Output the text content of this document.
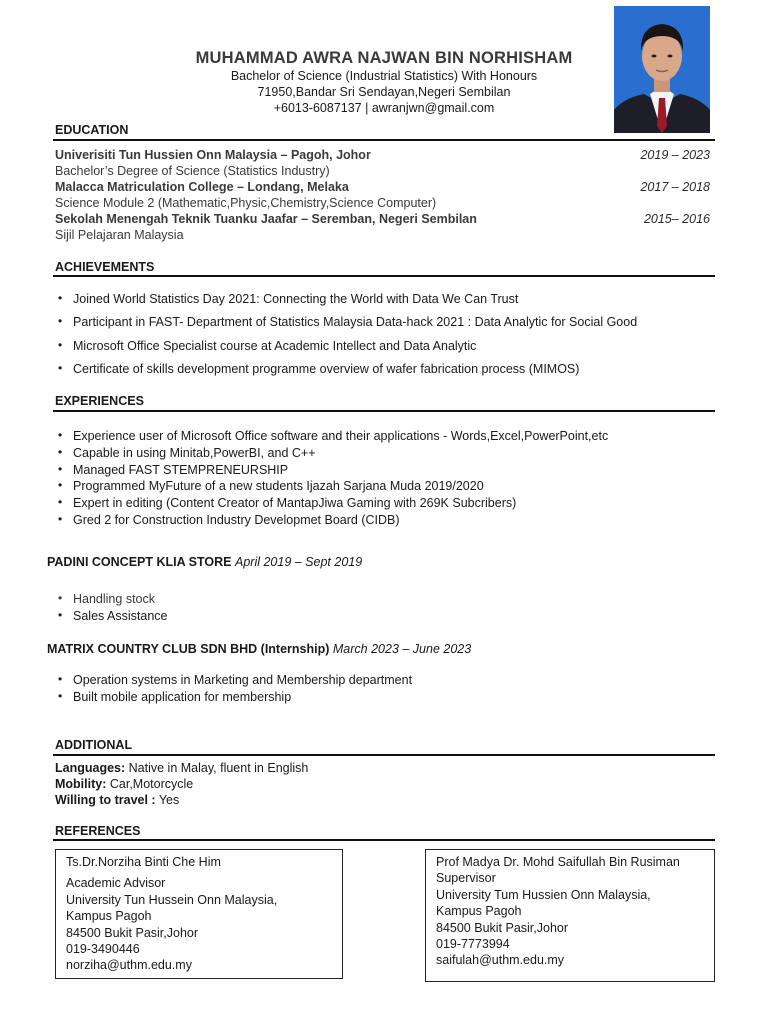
MUHAMMAD AWRA NAJWAN BIN NORHISHAM
Bachelor of Science (Industrial Statistics) With Honours
71950,Bandar Sri Sendayan,Negeri Sembilan
+6013-6087137 | awranjwn@gmail.com
EDUCATION
Univerisiti Tun Hussien Onn Malaysia – Pagoh, Johor	2019 – 2023
Bachelor’s Degree of Science (Statistics Industry)
Malacca Matriculation College – Londang, Melaka	2017 – 2018
Science Module 2 (Mathematic,Physic,Chemistry,Science Computer)
Sekolah Menengah Teknik Tuanku Jaafar – Seremban, Negeri Sembilan	2015– 2016
Sijil Pelajaran Malaysia
ACHIEVEMENTS
• Joined World Statistics Day 2021: Connecting the World with Data We Can Trust
• Participant in FAST- Department of Statistics Malaysia Data-hack 2021 : Data Analytic for Social Good
• Microsoft Office Specialist course at Academic Intellect and Data Analytic
• Certificate of skills development programme overview of wafer fabrication process (MIMOS)
EXPERIENCES
• Experience user of Microsoft Office software and their applications - Words,Excel,PowerPoint,etc
• Capable in using Minitab,PowerBI, and C++
• Managed FAST STEMPRENEURSHIP
• Programmed MyFuture of a new students Ijazah Sarjana Muda 2019/2020
• Expert in editing (Content Creator of MantapJiwa Gaming with 269K Subcribers)
• Gred 2 for Construction Industry Developmet Board (CIDB)
PADINI CONCEPT KLIA STORE April 2019 – Sept 2019
• Handling stock
• Sales Assistance
MATRIX COUNTRY CLUB SDN BHD (Internship) March 2023 – June 2023
• Operation systems in Marketing and Membership department
• Built mobile application for membership
ADDITIONAL
Languages: Native in Malay, fluent in English
Mobility: Car,Motorcycle
Willing to travel : Yes
REFERENCES
Ts.Dr.Norziha Binti Che Him
Academic Advisor
University Tun Hussein Onn Malaysia,
Kampus Pagoh
84500 Bukit Pasir,Johor
019-3490446
norziha@uthm.edu.my
Prof Madya Dr. Mohd Saifullah Bin Rusiman
Supervisor
University Tum Hussien Onn Malaysia,
Kampus Pagoh
84500 Bukit Pasir,Johor
019-7773994
saifulah@uthm.edu.my
